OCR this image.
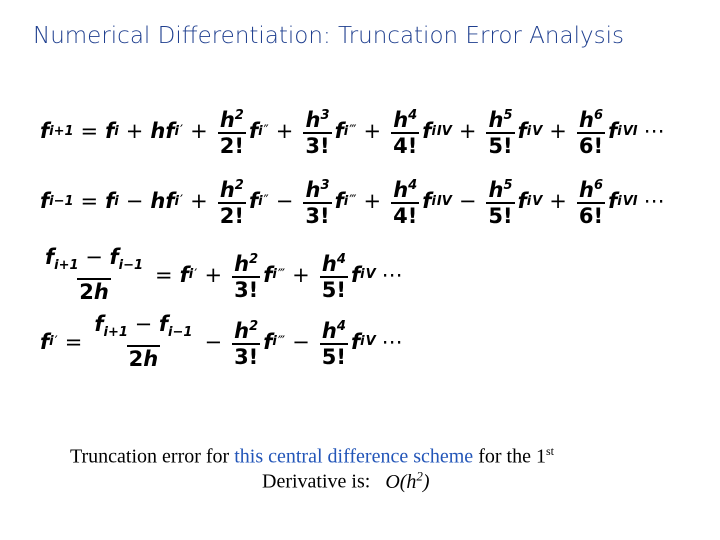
Numerical Differentiation: Truncation Error Analysis
f i+1 = f i + hf i ′ + $\frac{h^2}{2!}$ f i ″ + $\frac{h^3}{3!}$ f i ‴ + $\frac{h^4}{4!}$ f i IV + $\frac{h^5}{5!}$ f i $V + \frac{h^6}{6!}$ f i VI ⋯
f i−1 = f i − hf i ′ + $\frac{h^2}{2!}$ f i ″ − $\frac{h^3}{3!}$ f i ‴ + $\frac{h^4}{4!}$ f i IV − $\frac{h^5}{5!}$ f i $V + \frac{h^6}{6!}$ f i VI ⋯
$\frac{f_{i+1} - f_{i-1}}{2h} = f$ i ′ + $\frac{h^2}{3!}$ f i ‴ + $\frac{h^4}{5!}$ f i V ⋯
f i ′ = $\frac{f_{i+1} - f_{i-1}}{2h} - \frac{h^2}{3!}$ f i ‴ − $\frac{h^4}{5!}$ f i V ⋯
Truncation error for this central difference scheme for the 1st
Derivative is: $O(h^2)$
